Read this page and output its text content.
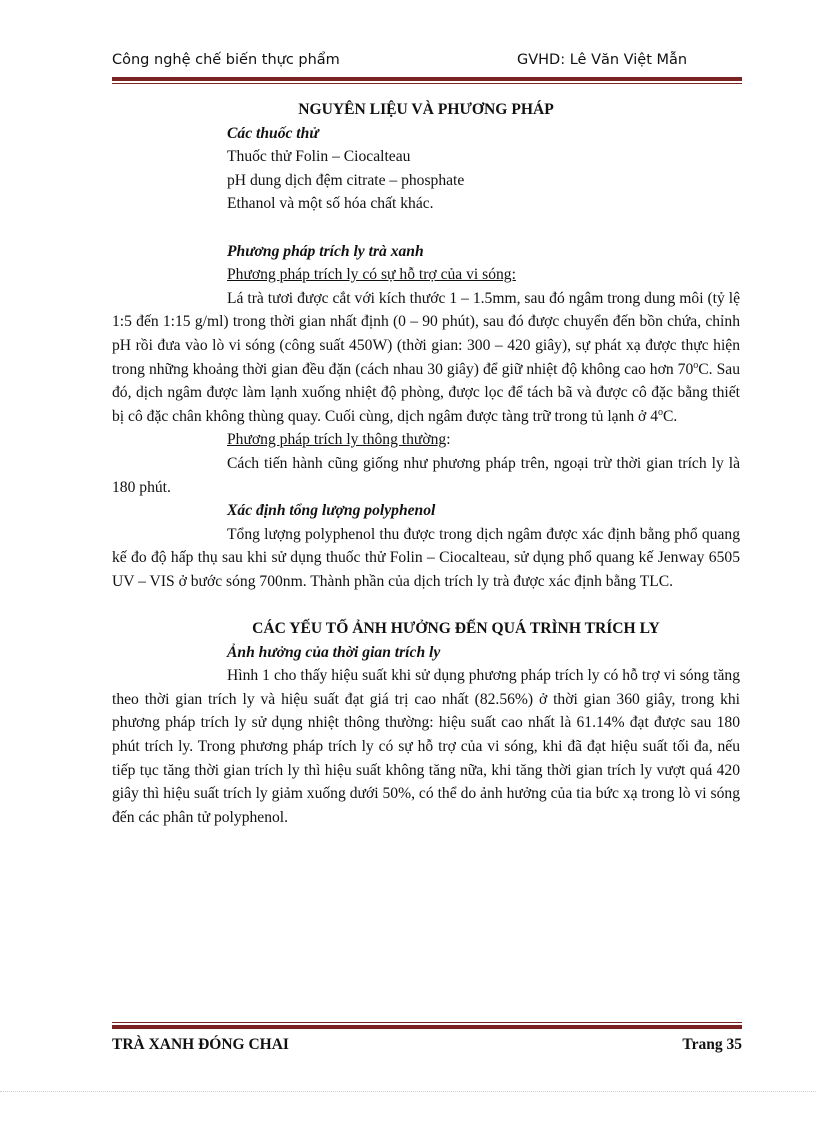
Công nghệ chế biến thực phẩm	GVHD: Lê Văn Việt Mẫn

NGUYÊN LIỆU VÀ PHƯƠNG PHÁP

Các thuốc thử

Thuốc thử Folin – Ciocalteau

pH dung dịch đệm citrate – phosphate

Ethanol và một số hóa chất khác.

Phương pháp trích ly trà xanh

Phương pháp trích ly có sự hỗ trợ của vi sóng:

Lá trà tươi được cắt với kích thước 1 – 1.5mm, sau đó ngâm trong dung môi (tỷ lệ 1:5 đến 1:15 g/ml) trong thời gian nhất định (0 – 90 phút), sau đó được chuyển đến bồn chứa, chỉnh pH rồi đưa vào lò vi sóng (công suất 450W) (thời gian: 300 – 420 giây), sự phát xạ được thực hiện trong những khoảng thời gian đều đặn (cách nhau 30 giây) để giữ nhiệt độ không cao hơn 70$^o$C. Sau đó, dịch ngâm được làm lạnh xuống nhiệt độ phòng, được lọc để tách bã và được cô đặc bằng thiết bị cô đặc chân không thùng quay. Cuối cùng, dịch ngâm được tàng trữ trong tủ lạnh ở 4$^o$C.

Phương pháp trích ly thông thường:

Cách tiến hành cũng giống như phương pháp trên, ngoại trừ thời gian trích ly là 180 phút.

Xác định tổng lượng polyphenol

Tổng lượng polyphenol thu được trong dịch ngâm được xác định bằng phổ quang kế đo độ hấp thụ sau khi sử dụng thuốc thử Folin – Ciocalteau, sử dụng phổ quang kế Jenway 6505 UV – VIS ở bước sóng 700nm. Thành phần của dịch trích ly trà được xác định bằng TLC.

CÁC YẾU TỐ ẢNH HƯỞNG ĐẾN QUÁ TRÌNH TRÍCH LY

Ảnh hưởng của thời gian trích ly

Hình 1 cho thấy hiệu suất khi sử dụng phương pháp trích ly có hỗ trợ vi sóng tăng theo thời gian trích ly và hiệu suất đạt giá trị cao nhất (82.56%) ở thời gian 360 giây, trong khi phương pháp trích ly sử dụng nhiệt thông thường: hiệu suất cao nhất là 61.14% đạt được sau 180 phút trích ly. Trong phương pháp trích ly có sự hỗ trợ của vi sóng, khi đã đạt hiệu suất tối đa, nếu tiếp tục tăng thời gian trích ly thì hiệu suất không tăng nữa, khi tăng thời gian trích ly vượt quá 420 giây thì hiệu suất trích ly giảm xuống dưới 50%, có thể do ảnh hưởng của tia bức xạ trong lò vi sóng đến các phân tử polyphenol.

TRÀ XANH ĐÓNG CHAI	Trang 35
